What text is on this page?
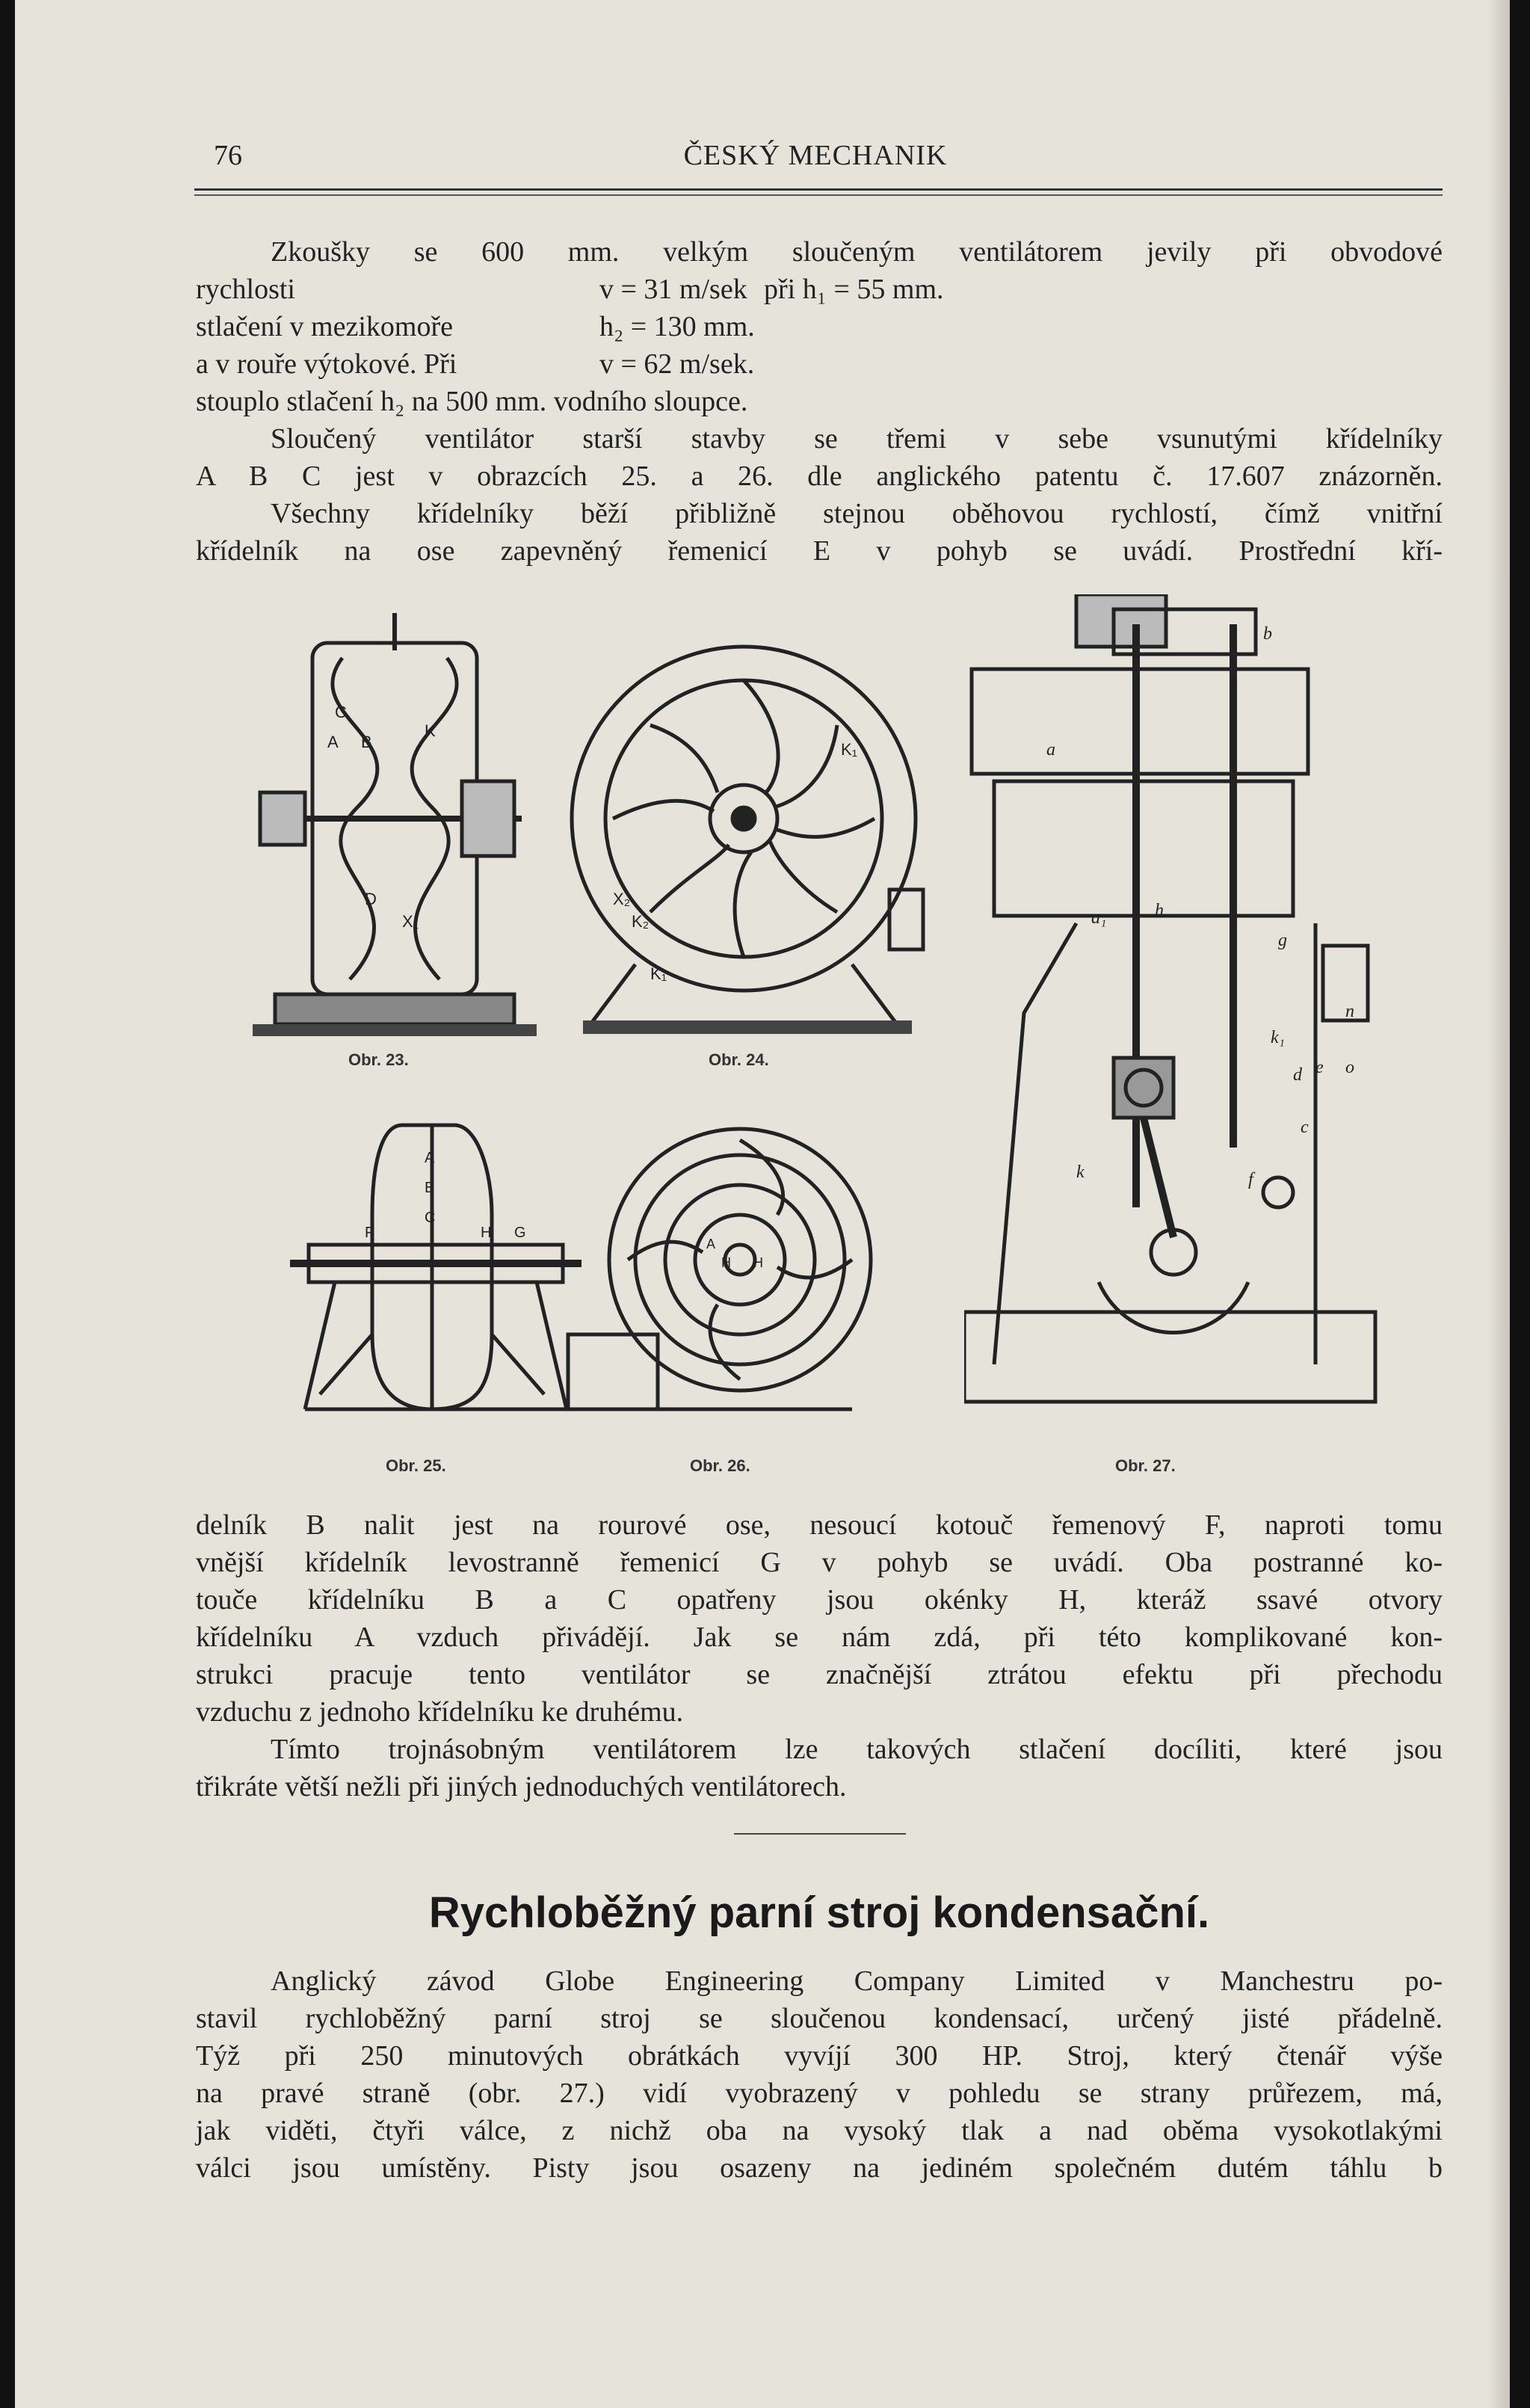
76	ČESKÝ MECHANIK
Zkoušky se 600 mm. velkým sloučeným ventilátorem jevily při obvodové
rychlosti	v = 31 m/sek při h₁ = 55 mm.
stlačení v mezikomoře	h₂ = 130 mm.
a v rouře výtokové. Při	v = 62 m/sek.
stouplo stlačení h₂ na 500 mm. vodního sloupce.
Sloučený ventilátor starší stavby se třemi v sebe vsunutými křídelníky
A B C jest v obrazcích 25. a 26. dle anglického patentu č. 17.607 znázorněn.
Všechny křídelníky běží přibližně stejnou oběhovou rychlostí, čímž vnitřní
křídelník na ose zapevněný řemenicí E v pohyb se uvádí. Prostřední kří-
C
A B
K
D
X₁
Obr. 23.
K₁
X₂
K₂
K₁
Obr. 24.
a
a₁
b
c
d e
f
g
h
k
k₁
n
o
Obr. 27.
A
B
C
F	H G
Obr. 25.
A
H H
Obr. 26.
delník B nalit jest na rourové ose, nesoucí kotouč řemenový F, naproti tomu
vnější křídelník levostranně řemenicí G v pohyb se uvádí. Oba postranné ko-
touče křídelníku B a C opatřeny jsou okénky H, kteráž ssavé otvory
křídelníku A vzduch přivádějí. Jak se nám zdá, při této komplikované kon-
strukci pracuje tento ventilátor se značnější ztrátou efektu při přechodu
vzduchu z jednoho křídelníku ke druhému.
Tímto trojnásobným ventilátorem lze takových stlačení docíliti, které jsou
třikráte větší nežli při jiných jednoduchých ventilátorech.
Rychloběžný parní stroj kondensační.
Anglický závod Globe Engineering Company Limited v Manchestru po-
stavil rychloběžný parní stroj se sloučenou kondensací, určený jisté přádelně.
Týž při 250 minutových obrátkách vyvíjí 300 HP. Stroj, který čtenář výše
na pravé straně (obr. 27.) vidí vyobrazený v pohledu se strany průřezem, má,
jak viděti, čtyři válce, z nichž oba na vysoký tlak a nad oběma vysokotlakými
válci jsou umístěny. Pisty jsou osazeny na jediném společném dutém táhlu b
